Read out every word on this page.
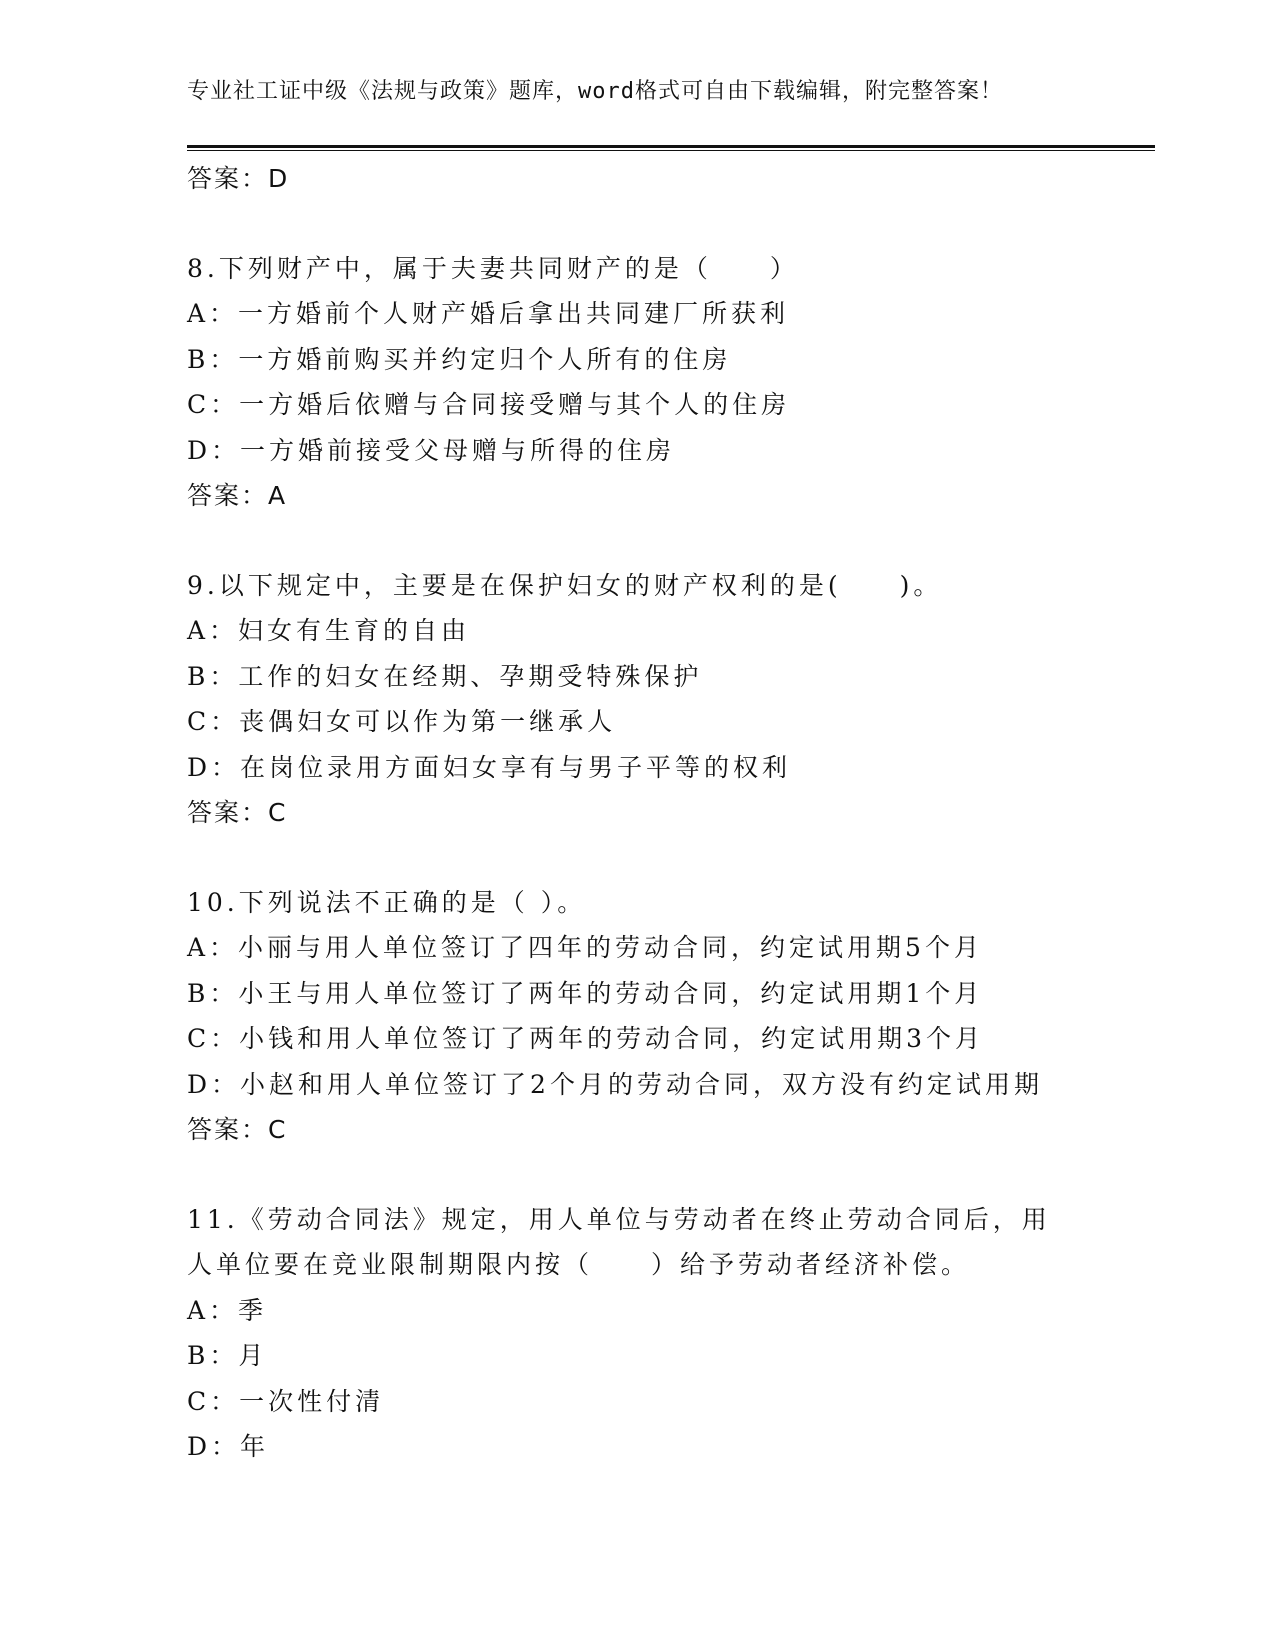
专业社工证中级《法规与政策》题库，word格式可自由下载编辑，附完整答案！
答案：D
8.下列财产中，属于夫妻共同财产的是（　　）
A：一方婚前个人财产婚后拿出共同建厂所获利
B：一方婚前购买并约定归个人所有的住房
C：一方婚后依赠与合同接受赠与其个人的住房
D：一方婚前接受父母赠与所得的住房
答案：A
9.以下规定中，主要是在保护妇女的财产权利的是(　　)。
A：妇女有生育的自由
B：工作的妇女在经期、孕期受特殊保护
C：丧偶妇女可以作为第一继承人
D：在岗位录用方面妇女享有与男子平等的权利
答案：C
10.下列说法不正确的是（ ）。
A：小丽与用人单位签订了四年的劳动合同，约定试用期5个月
B：小王与用人单位签订了两年的劳动合同，约定试用期1个月
C：小钱和用人单位签订了两年的劳动合同，约定试用期3个月
D：小赵和用人单位签订了2个月的劳动合同，双方没有约定试用期
答案：C
11.《劳动合同法》规定，用人单位与劳动者在终止劳动合同后，用人单位要在竞业限制期限内按（　　）给予劳动者经济补偿。
A：季
B：月
C：一次性付清
D：年
